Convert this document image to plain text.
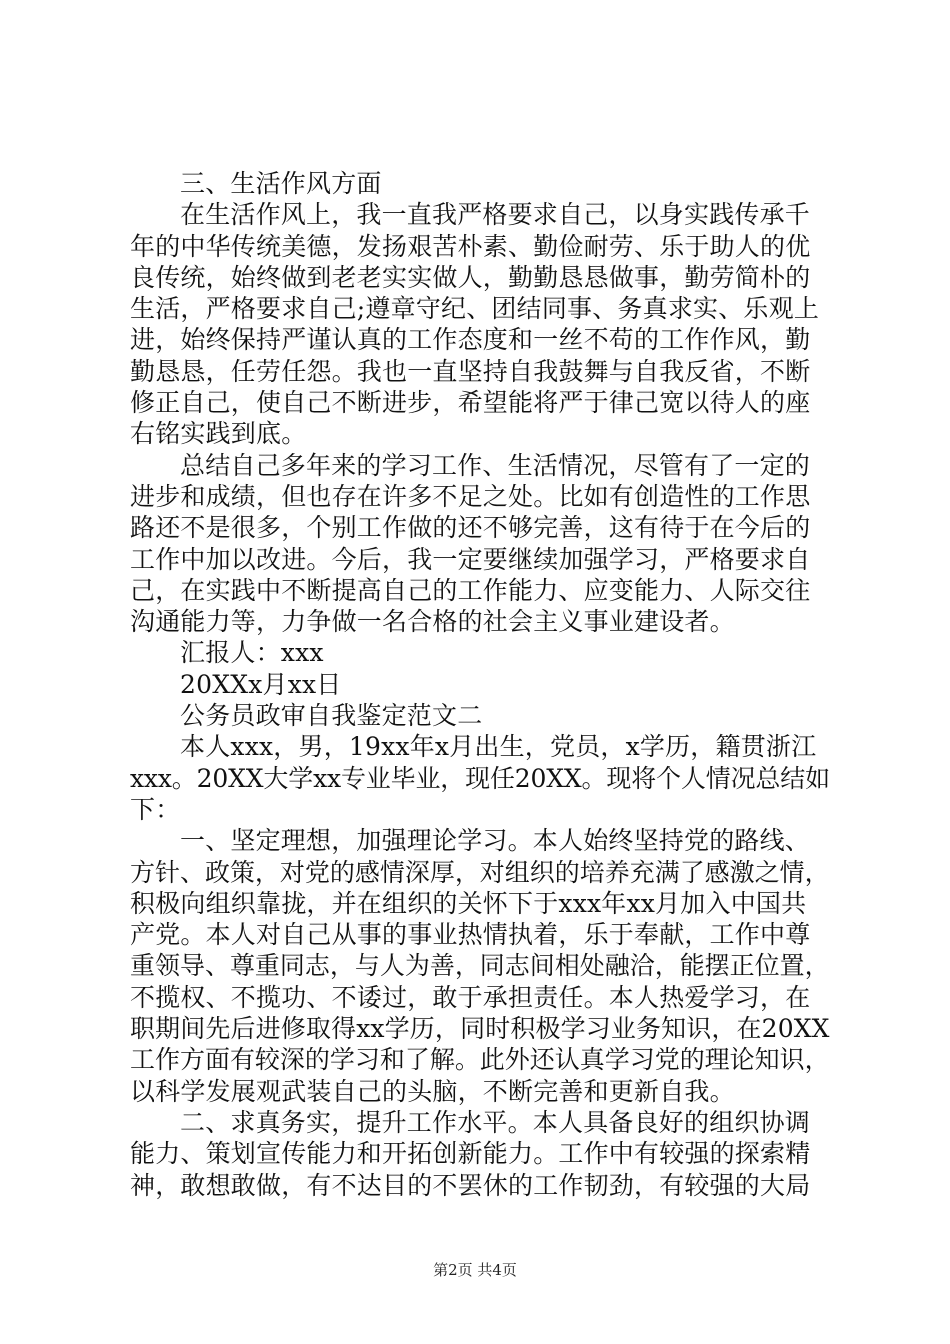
三、生活作风方面
在生活作风上，我一直我严格要求自己，以身实践传承千
年的中华传统美德，发扬艰苦朴素、勤俭耐劳、乐于助人的优
良传统，始终做到老老实实做人，勤勤恳恳做事，勤劳简朴的
生活，严格要求自己;遵章守纪、团结同事、务真求实、乐观上
进，始终保持严谨认真的工作态度和一丝不苟的工作作风，勤
勤恳恳，任劳任怨。我也一直坚持自我鼓舞与自我反省，不断
修正自己，使自己不断进步，希望能将严于律己宽以待人的座
右铭实践到底。
总结自己多年来的学习工作、生活情况，尽管有了一定的
进步和成绩，但也存在许多不足之处。比如有创造性的工作思
路还不是很多，个别工作做的还不够完善，这有待于在今后的
工作中加以改进。今后，我一定要继续加强学习，严格要求自
己，在实践中不断提高自己的工作能力、应变能力、人际交往
沟通能力等，力争做一名合格的社会主义事业建设者。
汇报人：xxx
20XXx月xx日
公务员政审自我鉴定范文二
本人xxx，男，19xx年x月出生，党员，x学历，籍贯浙江
xxx。20XX大学xx专业毕业，现任20XX。现将个人情况总结如
下：
一、坚定理想，加强理论学习。本人始终坚持党的路线、
方针、政策，对党的感情深厚，对组织的培养充满了感激之情，
积极向组织靠拢，并在组织的关怀下于xxx年xx月加入中国共
产党。本人对自己从事的事业热情执着，乐于奉献，工作中尊
重领导、尊重同志，与人为善，同志间相处融洽，能摆正位置，
不揽权、不揽功、不诿过，敢于承担责任。本人热爱学习，在
职期间先后进修取得xx学历，同时积极学习业务知识，在20XX
工作方面有较深的学习和了解。此外还认真学习党的理论知识，
以科学发展观武装自己的头脑，不断完善和更新自我。
二、求真务实，提升工作水平。本人具备良好的组织协调
能力、策划宣传能力和开拓创新能力。工作中有较强的探索精
神，敢想敢做，有不达目的不罢休的工作韧劲，有较强的大局
第2页 共4页
